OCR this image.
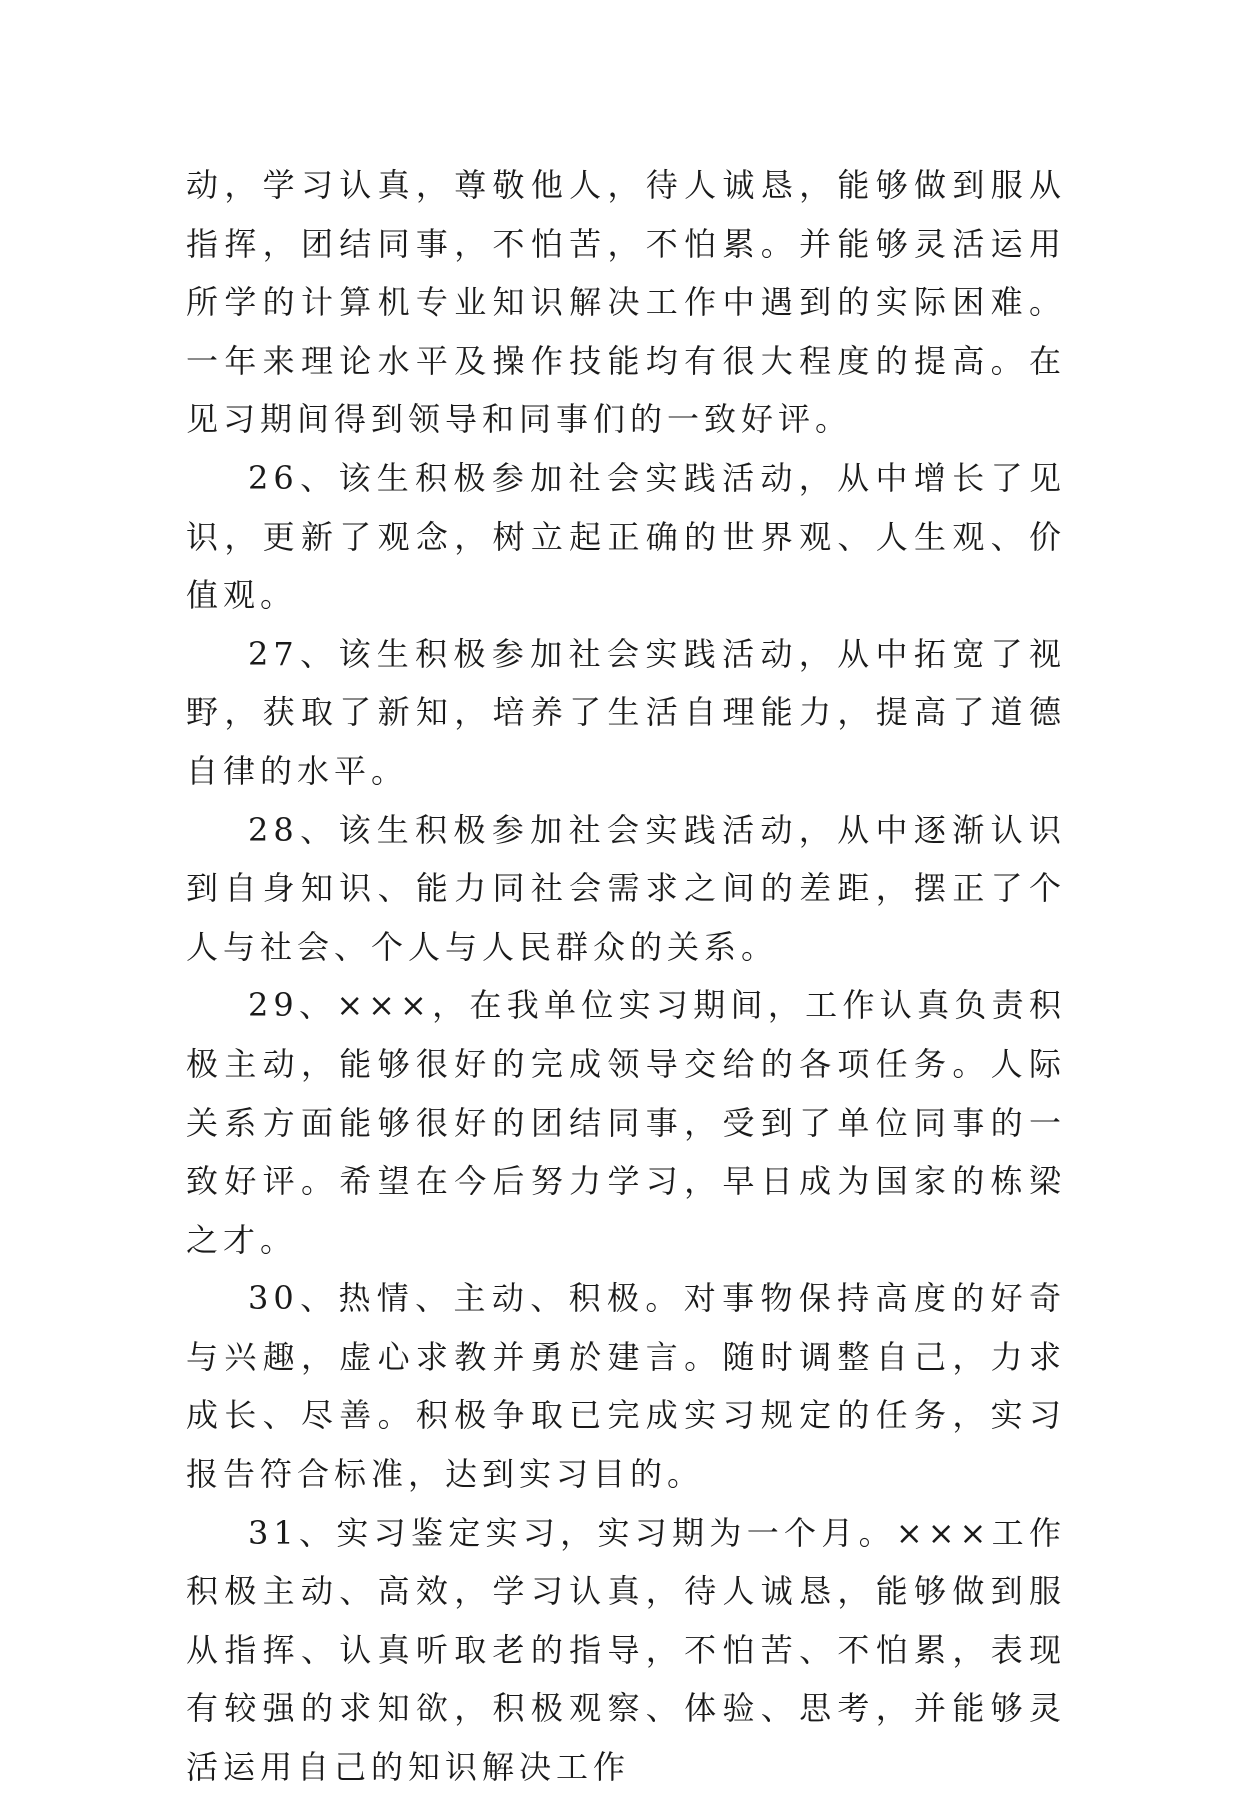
动，学习认真，尊敬他人，待人诚恳，能够做到服从指挥，团结同事，不怕苦，不怕累。并能够灵活运用所学的计算机专业知识解决工作中遇到的实际困难。一年来理论水平及操作技能均有很大程度的提高。在见习期间得到领导和同事们的一致好评。

26、该生积极参加社会实践活动，从中增长了见识，更新了观念，树立起正确的世界观、人生观、价值观。

27、该生积极参加社会实践活动，从中拓宽了视野，获取了新知，培养了生活自理能力，提高了道德自律的水平。

28、该生积极参加社会实践活动，从中逐渐认识到自身知识、能力同社会需求之间的差距，摆正了个人与社会、个人与人民群众的关系。

29、×××，在我单位实习期间，工作认真负责积极主动，能够很好的完成领导交给的各项任务。人际关系方面能够很好的团结同事，受到了单位同事的一致好评。希望在今后努力学习，早日成为国家的栋梁之才。

30、热情、主动、积极。对事物保持高度的好奇与兴趣，虚心求教并勇於建言。随时调整自己，力求成长、尽善。积极争取已完成实习规定的任务，实习报告符合标准，达到实习目的。

31、实习鉴定实习，实习期为一个月。×××工作积极主动、高效，学习认真，待人诚恳，能够做到服从指挥、认真听取老的指导，不怕苦、不怕累，表现有较强的求知欲，积极观察、体验、思考，并能够灵活运用自己的知识解决工作
